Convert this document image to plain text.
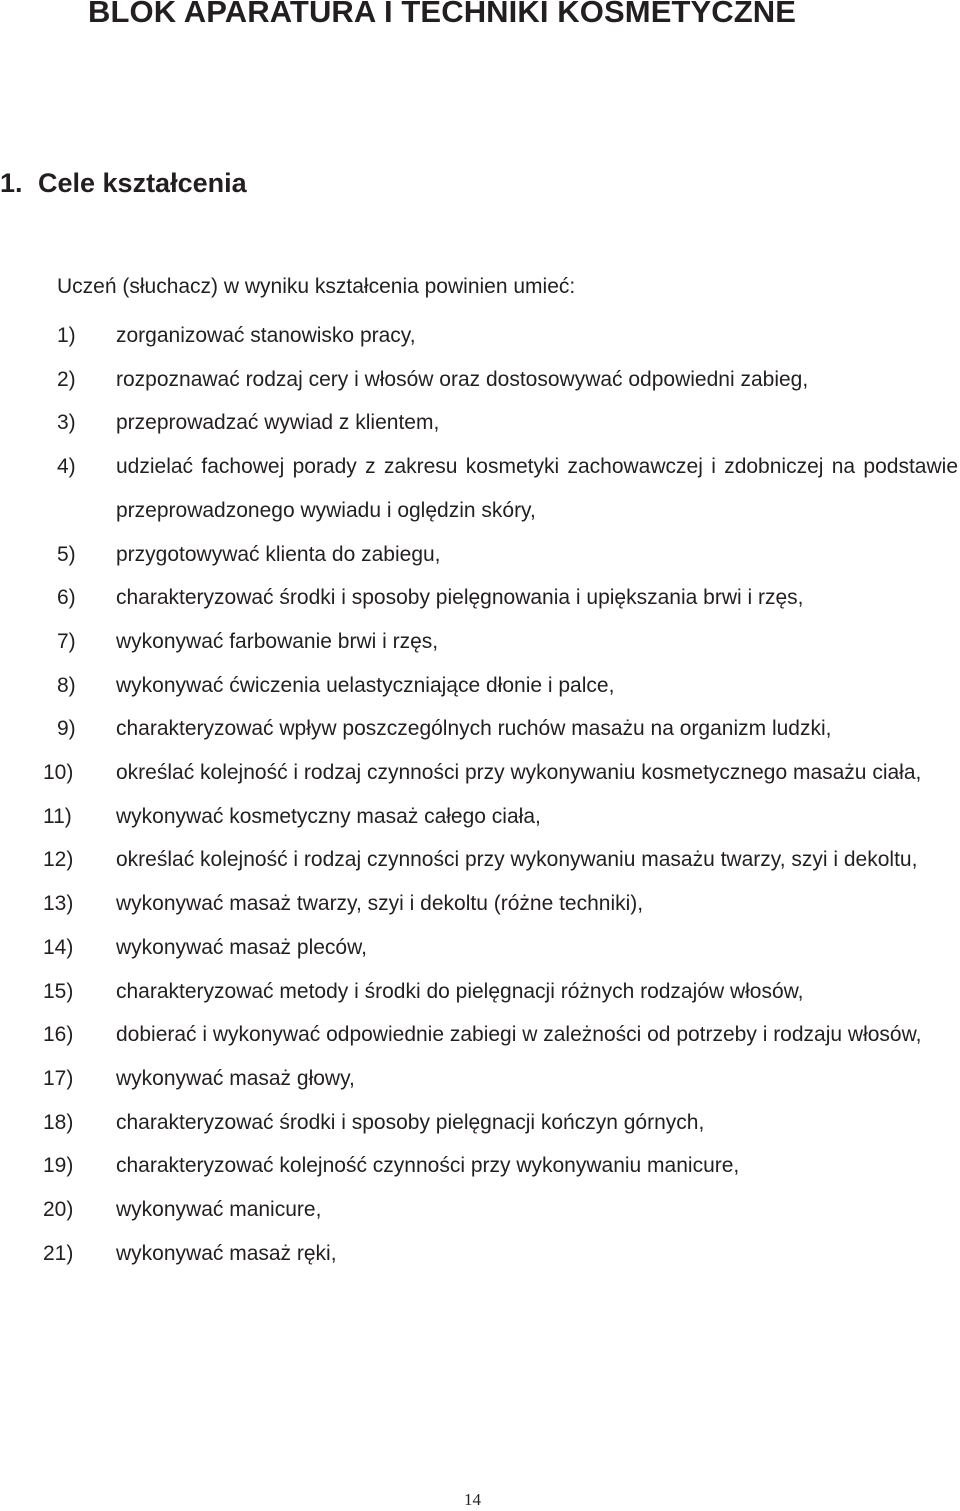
BLOK APARATURA I TECHNIKI KOSMETYCZNE
1. Cele kształcenia

Uczeń (słuchacz) w wyniku kształcenia powinien umieć:

1) zorganizować stanowisko pracy,
2) rozpoznawać rodzaj cery i włosów oraz dostosowywać odpowiedni zabieg,
3) przeprowadzać wywiad z klientem,
4) udzielać fachowej porady z zakresu kosmetyki zachowawczej i zdobniczej na podstawie przeprowadzonego wywiadu i oględzin skóry,
5) przygotowywać klienta do zabiegu,
6) charakteryzować środki i sposoby pielęgnowania i upiększania brwi i rzęs,
7) wykonywać farbowanie brwi i rzęs,
8) wykonywać ćwiczenia uelastyczniające dłonie i palce,
9) charakteryzować wpływ poszczególnych ruchów masażu na organizm ludzki,
10) określać kolejność i rodzaj czynności przy wykonywaniu kosmetycznego masażu ciała,
11) wykonywać kosmetyczny masaż całego ciała,
12) określać kolejność i rodzaj czynności przy wykonywaniu masażu twarzy, szyi i dekoltu,
13) wykonywać masaż twarzy, szyi i dekoltu (różne techniki),
14) wykonywać masaż pleców,
15) charakteryzować metody i środki do pielęgnacji różnych rodzajów włosów,
16) dobierać i wykonywać odpowiednie zabiegi w zależności od potrzeby i rodzaju włosów,
17) wykonywać masaż głowy,
18) charakteryzować środki i sposoby pielęgnacji kończyn górnych,
19) charakteryzować kolejność czynności przy wykonywaniu manicure,
20) wykonywać manicure,
21) wykonywać masaż ręki,

14
